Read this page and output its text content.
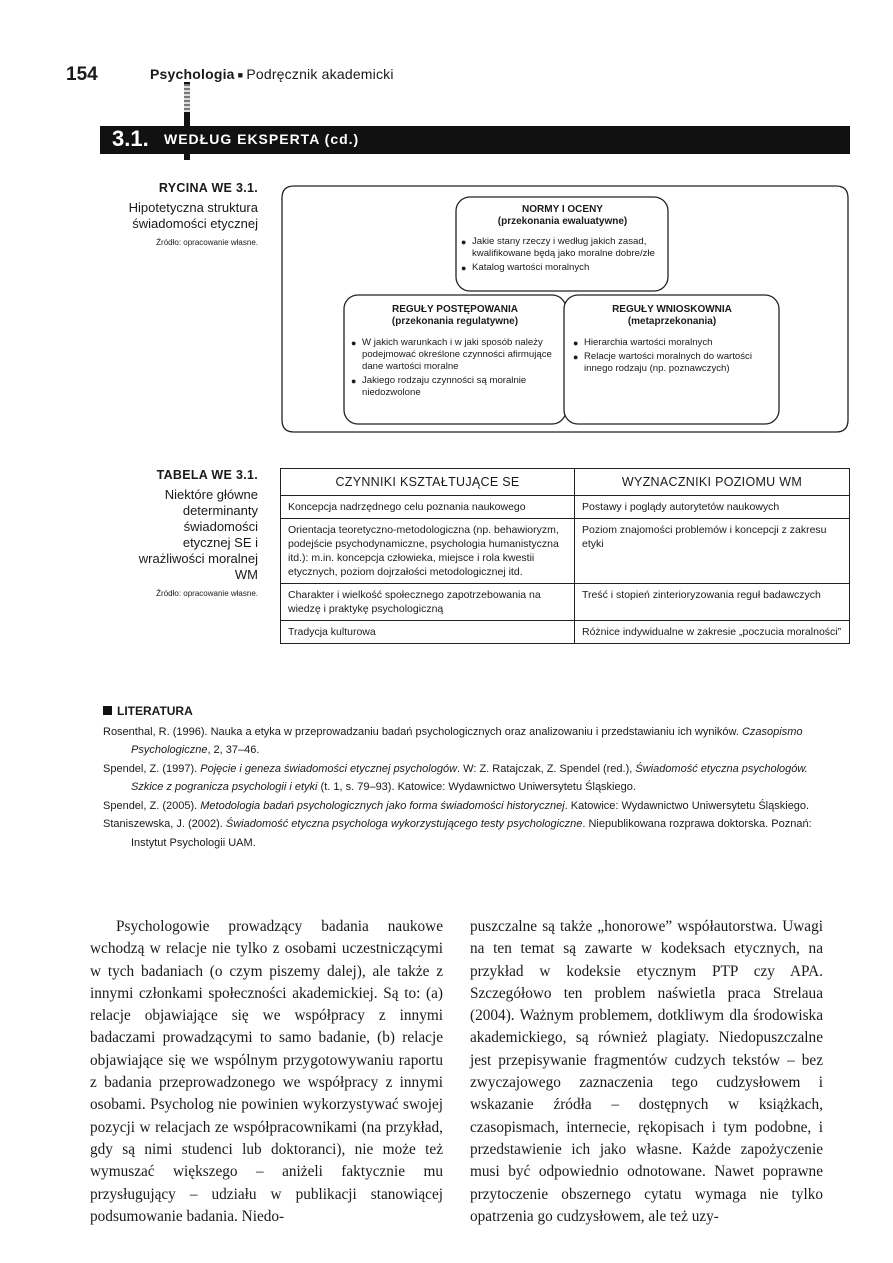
154	Psychologia ■ Podręcznik akademicki
3.1. WEDŁUG EKSPERTA (cd.)
RYCINA WE 3.1.
Hipotetyczna struktura świadomości etycznej
Źródło: opracowanie własne.
NORMY I OCENY
(przekonania ewaluatywne)
● Jakie stany rzeczy i według jakich zasad, kwalifikowane będą jako moralne dobre/złe
● Katalog wartości moralnych
REGUŁY POSTĘPOWANIA
(przekonania regulatywne)
● W jakich warunkach i w jaki sposób należy podejmować określone czynności afirmujące dane wartości moralne
● Jakiego rodzaju czynności są moralnie niedozwolone
REGUŁY WNIOSKOWNIA
(metaprzekonania)
● Hierarchia wartości moralnych
● Relacje wartości moralnych do wartości innego rodzaju (np. poznawczych)
TABELA WE 3.1.
Niektóre główne determinanty świadomości etycznej SE i wrażliwości moralnej WM
Źródło: opracowanie własne.
CZYNNIKI KSZTAŁTUJĄCE SE	WYZNACZNIKI POZIOMU WM
Koncepcja nadrzędnego celu poznania naukowego	Postawy i poglądy autorytetów naukowych
Orientacja teoretyczno-metodologiczna (np. behawioryzm, podejście psychodynamiczne, psychologia humanistyczna itd.): m.in. koncepcja człowieka, miejsce i rola kwestii etycznych, poziom dojrzałości metodologicznej itd.	Poziom znajomości problemów i koncepcji z zakresu etyki
Charakter i wielkość społecznego zapotrzebowania na wiedzę i praktykę psychologiczną	Treść i stopień zinterioryzowania reguł badawczych
Tradycja kulturowa	Różnice indywidualne w zakresie „poczucia moralności”
LITERATURA
Rosenthal, R. (1996). Nauka a etyka w przeprowadzaniu badań psychologicznych oraz analizowaniu i przedstawianiu ich wyników. Czasopismo Psychologiczne, 2, 37–46.
Spendel, Z. (1997). Pojęcie i geneza świadomości etycznej psychologów. W: Z. Ratajczak, Z. Spendel (red.), Świadomość etyczna psychologów. Szkice z pogranicza psychologii i etyki (t. 1, s. 79–93). Katowice: Wydawnictwo Uniwersytetu Śląskiego.
Spendel, Z. (2005). Metodologia badań psychologicznych jako forma świadomości historycznej. Katowice: Wydawnictwo Uniwersytetu Śląskiego.
Staniszewska, J. (2002). Świadomość etyczna psychologa wykorzystującego testy psychologiczne. Niepublikowana rozprawa doktorska. Poznań: Instytut Psychologii UAM.

Psychologowie prowadzący badania naukowe wchodzą w relacje nie tylko z osobami uczestniczącymi w tych badaniach (o czym piszemy dalej), ale także z innymi członkami społeczności akademickiej. Są to: (a) relacje objawiające się we współpracy z innymi badaczami prowadzącymi to samo badanie, (b) relacje objawiające się we wspólnym przygotowywaniu raportu z badania przeprowadzonego we współpracy z innymi osobami. Psycholog nie powinien wykorzystywać swojej pozycji w relacjach ze współpracownikami (na przykład, gdy są nimi studenci lub doktoranci), nie może też wymuszać większego – aniżeli faktycznie mu przysługujący – udziału w publikacji stanowiącej podsumowanie badania. Niedo-

puszczalne są także „honorowe” współautorstwa. Uwagi na ten temat są zawarte w kodeksach etycznych, na przykład w kodeksie etycznym PTP czy APA. Szczegółowo ten problem naświetla praca Strelaua (2004). Ważnym problemem, dotkliwym dla środowiska akademickiego, są również plagiaty. Niedopuszczalne jest przepisywanie fragmentów cudzych tekstów – bez zwyczajowego zaznaczenia tego cudzysłowem i wskazanie źródła – dostępnych w książkach, czasopismach, internecie, rękopisach i tym podobne, i przedstawienie ich jako własne. Każde zapożyczenie musi być odpowiednio odnotowane. Nawet poprawne przytoczenie obszernego cytatu wymaga nie tylko opatrzenia go cudzysłowem, ale też uzy-
